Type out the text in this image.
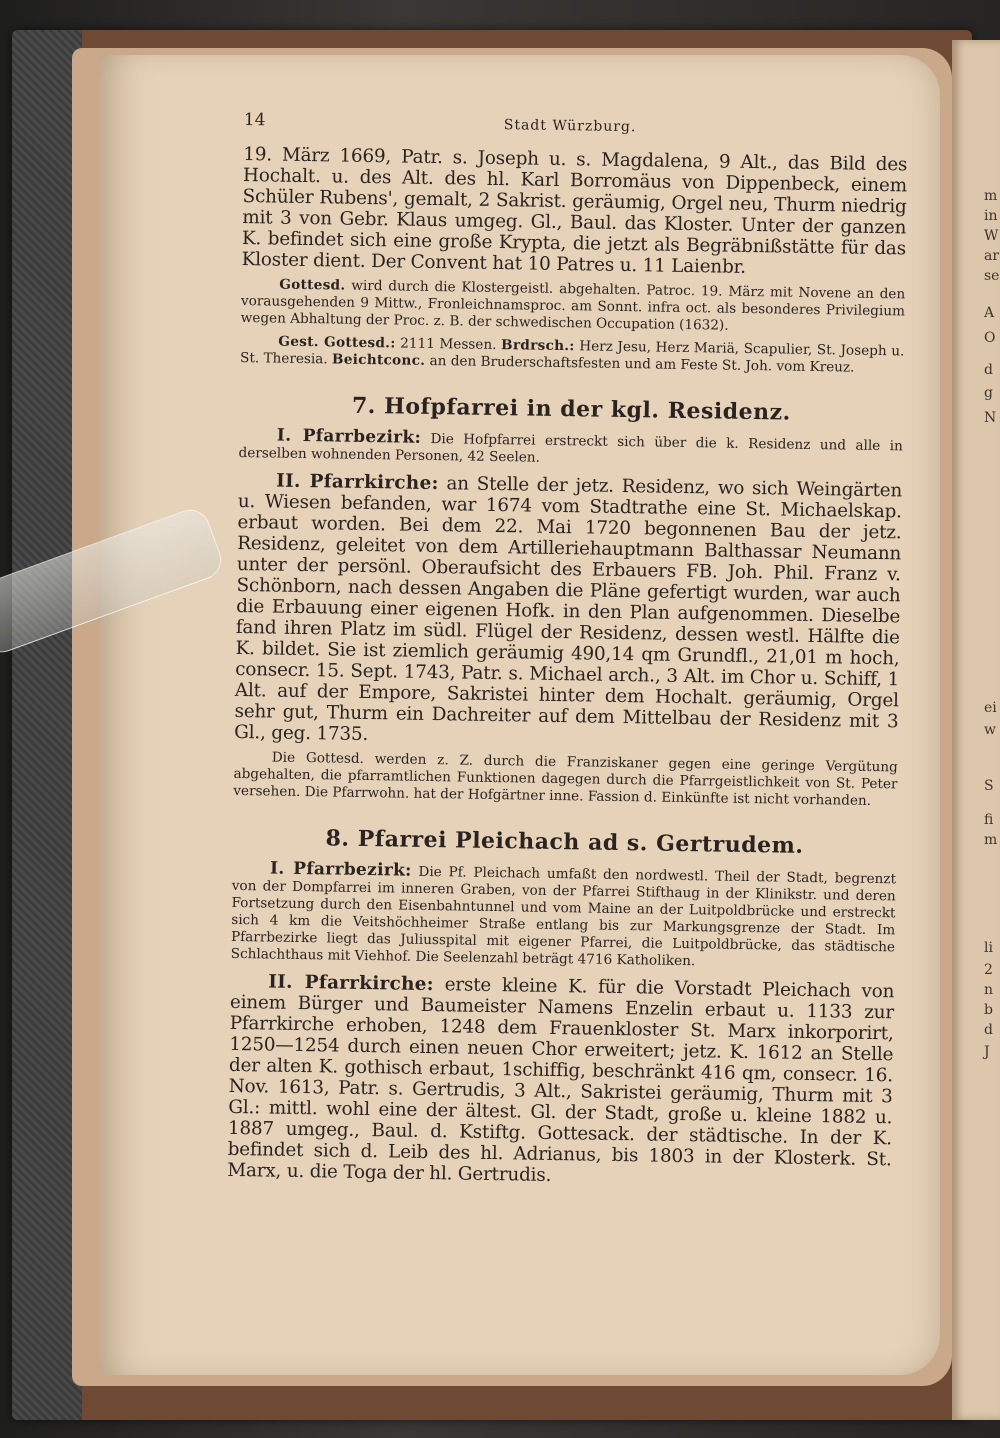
m
in
W
ar
se
A
O
d
g
N
ei
w
S
fi
m
li
2
n
b
d
J
14	Stadt Würzburg.

19. März 1669, Patr. s. Joseph u. s. Magdalena, 9 Alt., das Bild des Hochalt. u. des Alt. des hl. Karl Borromäus von Dippenbeck, einem Schüler Rubens', gemalt, 2 Sakrist. geräumig, Orgel neu, Thurm niedrig mit 3 von Gebr. Klaus umgeg. Gl., Baul. das Kloster. Unter der ganzen K. befindet sich eine große Krypta, die jetzt als Begräbnißstätte für das Kloster dient. Der Convent hat 10 Patres u. 11 Laienbr.

Gottesd. wird durch die Klostergeistl. abgehalten. Patroc. 19. März mit Novene an den vorausgehenden 9 Mittw., Fronleichnamsproc. am Sonnt. infra oct. als besonderes Privilegium wegen Abhaltung der Proc. z. B. der schwedischen Occupation (1632).

Gest. Gottesd.: 2111 Messen. Brdrsch.: Herz Jesu, Herz Mariä, Scapulier, St. Joseph u. St. Theresia. Beichtconc. an den Bruderschaftsfesten und am Feste St. Joh. vom Kreuz.

7. Hofpfarrei in der kgl. Residenz.

I. Pfarrbezirk: Die Hofpfarrei erstreckt sich über die k. Residenz und alle in derselben wohnenden Personen, 42 Seelen.

II. Pfarrkirche: an Stelle der jetz. Residenz, wo sich Weingärten u. Wiesen befanden, war 1674 vom Stadtrathe eine St. Michaelskap. erbaut worden. Bei dem 22. Mai 1720 begonnenen Bau der jetz. Residenz, geleitet von dem Artilleriehauptmann Balthassar Neumann unter der persönl. Oberaufsicht des Erbauers FB. Joh. Phil. Franz v. Schönborn, nach dessen Angaben die Pläne gefertigt wurden, war auch die Erbauung einer eigenen Hofk. in den Plan aufgenommen. Dieselbe fand ihren Platz im südl. Flügel der Residenz, dessen westl. Hälfte die K. bildet. Sie ist ziemlich geräumig 490,14 qm Grundfl., 21,01 m hoch, consecr. 15. Sept. 1743, Patr. s. Michael arch., 3 Alt. im Chor u. Schiff, 1 Alt. auf der Empore, Sakristei hinter dem Hochalt. geräumig, Orgel sehr gut, Thurm ein Dachreiter auf dem Mittelbau der Residenz mit 3 Gl., geg. 1735.

Die Gottesd. werden z. Z. durch die Franziskaner gegen eine geringe Vergütung abgehalten, die pfarramtlichen Funktionen dagegen durch die Pfarrgeistlichkeit von St. Peter versehen. Die Pfarrwohn. hat der Hofgärtner inne. Fassion d. Einkünfte ist nicht vorhanden.

8. Pfarrei Pleichach ad s. Gertrudem.

I. Pfarrbezirk: Die Pf. Pleichach umfaßt den nordwestl. Theil der Stadt, begrenzt von der Dompfarrei im inneren Graben, von der Pfarrei Stifthaug in der Klinikstr. und deren Fortsetzung durch den Eisenbahntunnel und vom Maine an der Luitpoldbrücke und erstreckt sich 4 km die Veitshöchheimer Straße entlang bis zur Markungsgrenze der Stadt. Im Pfarrbezirke liegt das Juliusspital mit eigener Pfarrei, die Luitpoldbrücke, das städtische Schlachthaus mit Viehhof. Die Seelenzahl beträgt 4716 Katholiken.

II. Pfarrkirche: erste kleine K. für die Vorstadt Pleichach von einem Bürger und Baumeister Namens Enzelin erbaut u. 1133 zur Pfarrkirche erhoben, 1248 dem Frauenkloster St. Marx inkorporirt, 1250—1254 durch einen neuen Chor erweitert; jetz. K. 1612 an Stelle der alten K. gothisch erbaut, 1schiffig, beschränkt 416 qm, consecr. 16. Nov. 1613, Patr. s. Gertrudis, 3 Alt., Sakristei geräumig, Thurm mit 3 Gl.: mittl. wohl eine der ältest. Gl. der Stadt, große u. kleine 1882 u. 1887 umgeg., Baul. d. Kstiftg. Gottesack. der städtische. In der K. befindet sich d. Leib des hl. Adrianus, bis 1803 in der Klosterk. St. Marx, u. die Toga der hl. Gertrudis.
